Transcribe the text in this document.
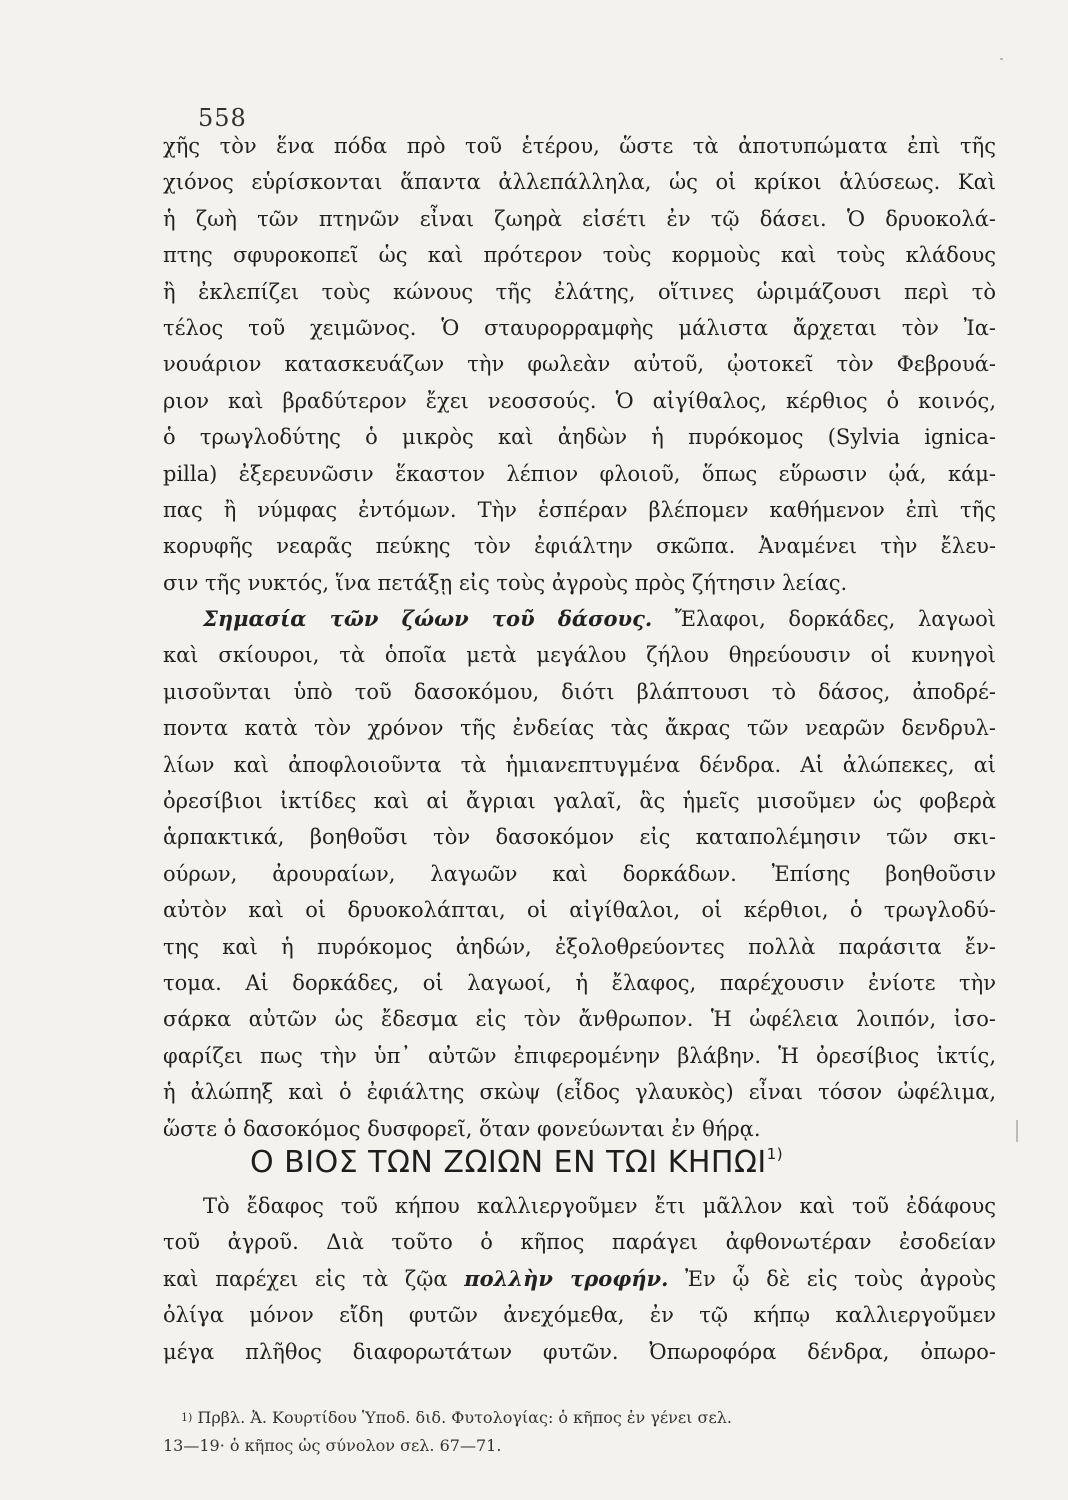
558
χῆς τὸν ἕνα πόδα πρὸ τοῦ ἑτέρου, ὥστε τὰ ἀποτυπώματα ἐπὶ τῆς
χιόνος εὑρίσκονται ἅπαντα ἀλλεπάλληλα, ὡς οἱ κρίκοι ἁλύσεως. Καὶ
ἡ ζωὴ τῶν πτηνῶν εἶναι ζωηρὰ εἰσέτι ἐν τῷ δάσει. Ὁ δρυοκολά-
πτης σφυροκοπεῖ ὡς καὶ πρότερον τοὺς κορμοὺς καὶ τοὺς κλάδους
ἢ ἐκλεπίζει τοὺς κώνους τῆς ἐλάτης, οἵτινες ὡριμάζουσι περὶ τὸ
τέλος τοῦ χειμῶνος. Ὁ σταυρορραμφὴς μάλιστα ἄρχεται τὸν Ἰα-
νουάριον κατασκευάζων τὴν φωλεὰν αὐτοῦ, ᾠοτοκεῖ τὸν Φεβρουά-
ριον καὶ βραδύτερον ἔχει νεοσσούς. Ὁ αἰγίθαλος, κέρθιος ὁ κοινός,
ὁ τρωγλοδύτης ὁ μικρὸς καὶ ἀηδὼν ἡ πυρόκομος (Sylvia ignica-
pilla) ἐξερευνῶσιν ἕκαστον λέπιον φλοιοῦ, ὅπως εὕρωσιν ᾠά, κάμ-
πας ἢ νύμφας ἐντόμων. Τὴν ἑσπέραν βλέπομεν καθήμενον ἐπὶ τῆς
κορυφῆς νεαρᾶς πεύκης τὸν ἐφιάλτην σκῶπα. Ἀναμένει τὴν ἔλευ-
σιν τῆς νυκτός, ἵνα πετάξῃ εἰς τοὺς ἀγροὺς πρὸς ζήτησιν λείας.
Σημασία τῶν ζώων τοῦ δάσους. Ἔλαφοι, δορκάδες, λαγωοὶ
καὶ σκίουροι, τὰ ὁποῖα μετὰ μεγάλου ζήλου θηρεύουσιν οἱ κυνηγοὶ
μισοῦνται ὑπὸ τοῦ δασοκόμου, διότι βλάπτουσι τὸ δάσος, ἀποδρέ-
ποντα κατὰ τὸν χρόνον τῆς ἐνδείας τὰς ἄκρας τῶν νεαρῶν δενδρυλ-
λίων καὶ ἀποφλοιοῦντα τὰ ἡμιανεπτυγμένα δένδρα. Αἱ ἀλώπεκες, αἱ
ὀρεσίβιοι ἰκτίδες καὶ αἱ ἄγριαι γαλαῖ, ἃς ἡμεῖς μισοῦμεν ὡς φοβερὰ
ἁρπακτικά, βοηθοῦσι τὸν δασοκόμον εἰς καταπολέμησιν τῶν σκι-
ούρων, ἀρουραίων, λαγωῶν καὶ δορκάδων. Ἐπίσης βοηθοῦσιν
αὐτὸν καὶ οἱ δρυοκολάπται, οἱ αἰγίθαλοι, οἱ κέρθιοι, ὁ τρωγλοδύ-
της καὶ ἡ πυρόκομος ἀηδών, ἐξολοθρεύοντες πολλὰ παράσιτα ἔν-
τομα. Αἱ δορκάδες, οἱ λαγωοί, ἡ ἔλαφος, παρέχουσιν ἐνίοτε τὴν
σάρκα αὐτῶν ὡς ἔδεσμα εἰς τὸν ἄνθρωπον. Ἡ ὠφέλεια λοιπόν, ἰσο-
φαρίζει πως τὴν ὑπ᾽ αὐτῶν ἐπιφερομένην βλάβην. Ἡ ὀρεσίβιος ἰκτίς,
ἡ ἀλώπηξ καὶ ὁ ἐφιάλτης σκὼψ (εἶδος γλαυκὸς) εἶναι τόσον ὠφέλιμα,
ὥστε ὁ δασοκόμος δυσφορεῖ, ὅταν φονεύωνται ἐν θήρᾳ.
Ο ΒΙΟΣ ΤΩΝ ΖΩΙΩΝ ΕΝ ΤΩΙ ΚΗΠΩΙ$^{1)}$
Τὸ ἔδαφος τοῦ κήπου καλλιεργοῦμεν ἔτι μᾶλλον καὶ τοῦ ἐδάφους
τοῦ ἀγροῦ. Διὰ τοῦτο ὁ κῆπος παράγει ἀφθονωτέραν ἐσοδείαν
καὶ παρέχει εἰς τὰ ζῷα πολλὴν τροφήν. Ἐν ᾧ δὲ εἰς τοὺς ἀγροὺς
ὀλίγα μόνον εἴδη φυτῶν ἀνεχόμεθα, ἐν τῷ κήπῳ καλλιεργοῦμεν
μέγα πλῆθος διαφορωτάτων φυτῶν. Ὀπωροφόρα δένδρα, ὀπωρο-
$^{1)}$ Πρβλ. Ἀ. Κουρτίδου Ὑποδ. διδ. Φυτολογίας: ὁ κῆπος ἐν γένει σελ.
13—19· ὁ κῆπος ὡς σύνολον σελ. 67—71.
